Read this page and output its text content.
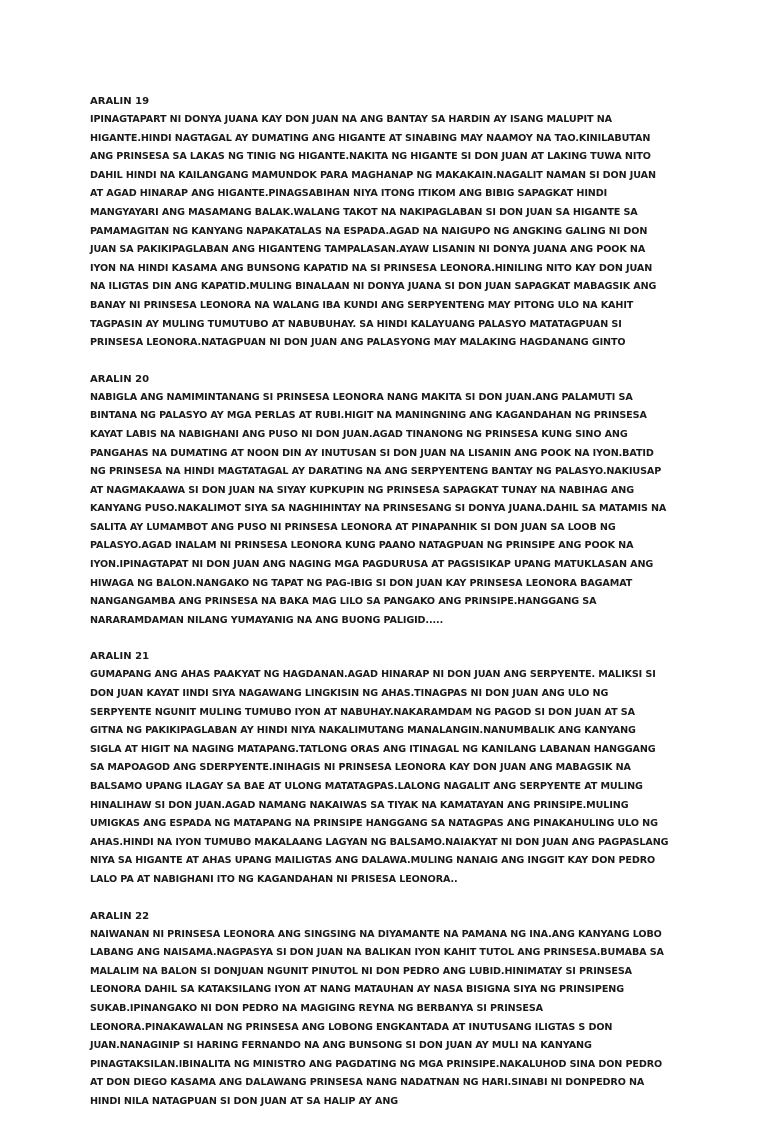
ARALIN 19

IPINAGTAPART NI DONYA JUANA KAY DON JUAN NA ANG BANTAY SA HARDIN AY ISANG MALUPIT NA HIGANTE.HINDI NAGTAGAL AY DUMATING ANG HIGANTE AT SINABING MAY NAAMOY NA TAO.KINILABUTAN ANG PRINSESA SA LAKAS NG TINIG NG HIGANTE.NAKITA NG HIGANTE SI DON JUAN AT LAKING TUWA NITO DAHIL HINDI NA KAILANGANG MAMUNDOK PARA MAGHANAP NG MAKAKAIN.NAGALIT NAMAN SI DON JUAN AT AGAD HINARAP ANG HIGANTE.PINAGSABIHAN NIYA ITONG ITIKOM ANG BIBIG SAPAGKAT HINDI MANGYAYARI ANG MASAMANG BALAK.WALANG TAKOT NA NAKIPAGLABAN SI DON JUAN SA HIGANTE SA PAMAMAGITAN NG KANYANG NAPAKATALAS NA ESPADA.AGAD NA NAIGUPO NG ANGKING GALING NI DON JUAN SA PAKIKIPAGLABAN ANG HIGANTENG TAMPALASAN.AYAW LISANIN NI DONYA JUANA ANG POOK NA IYON NA HINDI KASAMA ANG BUNSONG KAPATID NA SI PRINSESA LEONORA.HINILING NITO KAY DON JUAN NA ILIGTAS DIN ANG KAPATID.MULING BINALAAN NI DONYA JUANA SI DON JUAN SAPAGKAT MABAGSIK ANG BANAY NI PRINSESA LEONORA NA WALANG IBA KUNDI ANG SERPYENTENG MAY PITONG ULO NA KAHIT TAGPASIN AY MULING TUMUTUBO AT NABUBUHAY. SA HINDI KALAYUANG PALASYO MATATAGPUAN SI PRINSESA LEONORA.NATAGPUAN NI DON JUAN ANG PALASYONG MAY MALAKING HAGDANANG GINTO

ARALIN 20

NABIGLA ANG NAMIMINTANANG SI PRINSESA LEONORA NANG MAKITA SI DON JUAN.ANG PALAMUTI SA BINTANA NG PALASYO AY MGA PERLAS AT RUBI.HIGIT NA MANINGNING ANG KAGANDAHAN NG PRINSESA KAYAT LABIS NA NABIGHANI ANG PUSO NI DON JUAN.AGAD TINANONG NG PRINSESA KUNG SINO ANG PANGAHAS NA DUMATING AT NOON DIN AY INUTUSAN SI DON JUAN NA LISANIN ANG POOK NA IYON.BATID NG PRINSESA NA HINDI MAGTATAGAL AY DARATING NA ANG SERPYENTENG BANTAY NG PALASYO.NAKIUSAP AT NAGMAKAAWA SI DON JUAN NA SIYAY KUPKUPIN NG PRINSESA SAPAGKAT TUNAY NA NABIHAG ANG KANYANG PUSO.NAKALIMOT SIYA SA NAGHIHINTAY NA PRINSESANG SI DONYA JUANA.DAHIL SA MATAMIS NA SALITA AY LUMAMBOT ANG PUSO NI PRINSESA LEONORA AT PINAPANHIK SI DON JUAN SA LOOB NG PALASYO.AGAD INALAM NI PRINSESA LEONORA KUNG PAANO NATAGPUAN NG PRINSIPE ANG POOK NA IYON.IPINAGTAPAT NI DON JUAN ANG NAGING MGA PAGDURUSA AT PAGSISIKAP UPANG MATUKLASAN ANG HIWAGA NG BALON.NANGAKO NG TAPAT NG PAG-IBIG SI DON JUAN KAY PRINSESA LEONORA BAGAMAT NANGANGAMBA ANG PRINSESA NA BAKA MAG LILO SA PANGAKO ANG PRINSIPE.HANGGANG SA NARARAMDAMAN NILANG YUMAYANIG NA ANG BUONG PALIGID.....

ARALIN 21

GUMAPANG ANG AHAS PAAKYAT NG HAGDANAN.AGAD HINARAP NI DON JUAN ANG SERPYENTE. MALIKSI SI DON JUAN KAYAT IINDI SIYA NAGAWANG LINGKISIN NG AHAS.TINAGPAS NI DON JUAN ANG ULO NG SERPYENTE NGUNIT MULING TUMUBO IYON AT NABUHAY.NAKARAMDAM NG PAGOD SI DON JUAN AT SA GITNA NG PAKIKIPAGLABAN AY HINDI NIYA NAKALIMUTANG MANALANGIN.NANUMBALIK ANG KANYANG SIGLA AT HIGIT NA NAGING MATAPANG.TATLONG ORAS ANG ITINAGAL NG KANILANG LABANAN HANGGANG SA MAPOAGOD ANG SDERPYENTE.INIHAGIS NI PRINSESA LEONORA KAY DON JUAN ANG MABAGSIK NA BALSAMO UPANG ILAGAY SA BAE AT ULONG MATATAGPAS.LALONG NAGALIT ANG SERPYENTE AT MULING HINALIHAW SI DON JUAN.AGAD NAMANG NAKAIWAS SA TIYAK NA KAMATAYAN ANG PRINSIPE.MULING UMIGKAS ANG ESPADA NG MATAPANG NA PRINSIPE HANGGANG SA NATAGPAS ANG PINAKAHULING ULO NG AHAS.HINDI NA IYON TUMUBO MAKALAANG LAGYAN NG BALSAMO.NAIAKYAT NI DON JUAN ANG PAGPASLANG NIYA SA HIGANTE AT AHAS UPANG MAILIGTAS ANG DALAWA.MULING NANAIG ANG INGGIT KAY DON PEDRO LALO PA AT NABIGHANI ITO NG KAGANDAHAN NI PRISESA LEONORA..

ARALIN 22

NAIWANAN NI PRINSESA LEONORA ANG SINGSING NA DIYAMANTE NA PAMANA NG INA.ANG KANYANG LOBO LABANG ANG NAISAMA.NAGPASYA SI DON JUAN NA BALIKAN IYON KAHIT TUTOL ANG PRINSESA.BUMABA SA MALALIM NA BALON SI DONJUAN NGUNIT PINUTOL NI DON PEDRO ANG LUBID.HINIMATAY SI PRINSESA LEONORA DAHIL SA KATAKSILANG IYON AT NANG MATAUHAN AY NASA BISIGNA SIYA NG PRINSIPENG SUKAB.IPINANGAKO NI DON PEDRO NA MAGIGING REYNA NG BERBANYA SI PRINSESA LEONORA.PINAKAWALAN NG PRINSESA ANG LOBONG ENGKANTADA AT INUTUSANG ILIGTAS S DON JUAN.NANAGINIP SI HARING FERNANDO NA ANG BUNSONG SI DON JUAN AY MULI NA KANYANG PINAGTAKSILAN.IBINALITA NG MINISTRO ANG PAGDATING NG MGA PRINSIPE.NAKALUHOD SINA DON PEDRO AT DON DIEGO KASAMA ANG DALAWANG PRINSESA NANG NADATNAN NG HARI.SINABI NI DONPEDRO NA HINDI NILA NATAGPUAN SI DON JUAN AT SA HALIP AY ANG
